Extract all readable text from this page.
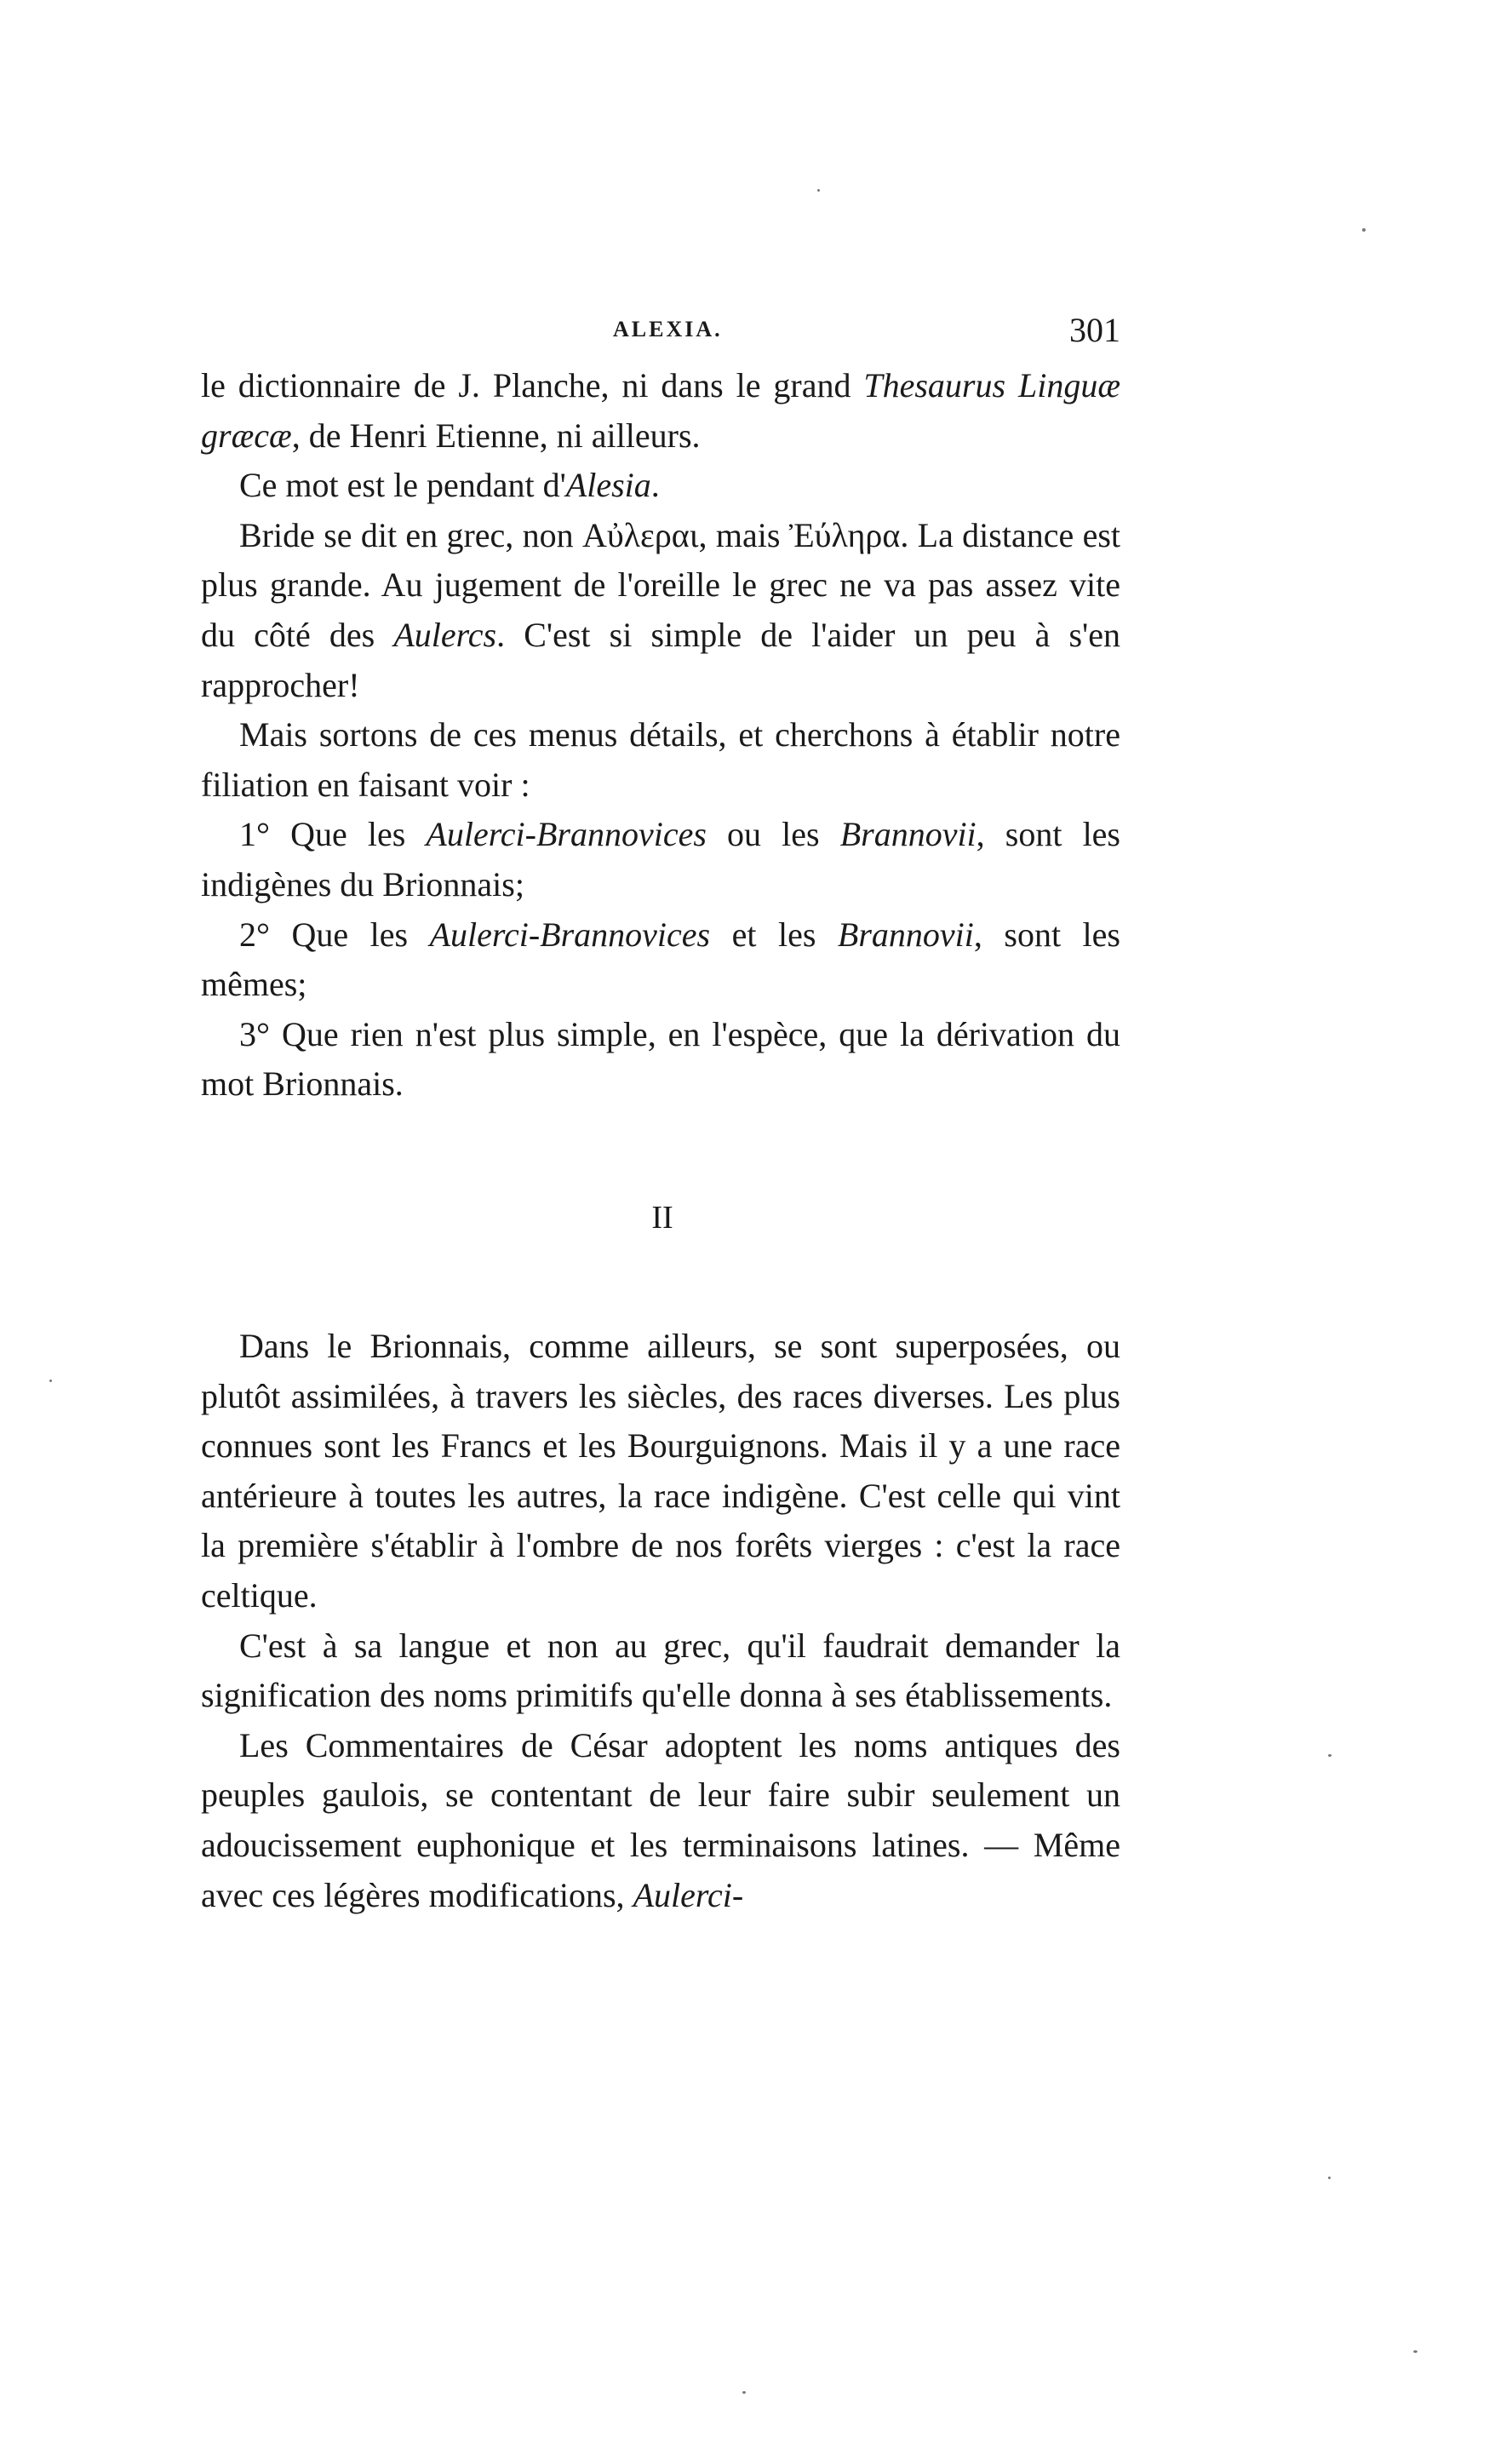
ALEXIA.	301

le dictionnaire de J. Planche, ni dans le grand Thesaurus Linguæ græcæ, de Henri Etienne, ni ailleurs.

Ce mot est le pendant d'Alesia.

Bride se dit en grec, non Αὐλεραι, mais Ἐύληρα. La distance est plus grande. Au jugement de l'oreille le grec ne va pas assez vite du côté des Aulercs. C'est si simple de l'aider un peu à s'en rapprocher!

Mais sortons de ces menus détails, et cherchons à établir notre filiation en faisant voir :

1° Que les Aulerci-Brannovices ou les Brannovii, sont les indigènes du Brionnais;

2° Que les Aulerci-Brannovices et les Brannovii, sont les mêmes;

3° Que rien n'est plus simple, en l'espèce, que la dérivation du mot Brionnais.

II

Dans le Brionnais, comme ailleurs, se sont superposées, ou plutôt assimilées, à travers les siècles, des races diverses. Les plus connues sont les Francs et les Bourguignons. Mais il y a une race antérieure à toutes les autres, la race indigène. C'est celle qui vint la première s'établir à l'ombre de nos forêts vierges : c'est la race celtique.

C'est à sa langue et non au grec, qu'il faudrait demander la signification des noms primitifs qu'elle donna à ses établissements.

Les Commentaires de César adoptent les noms antiques des peuples gaulois, se contentant de leur faire subir seulement un adoucissement euphonique et les terminaisons latines. — Même avec ces légères modifications, Aulerci-
